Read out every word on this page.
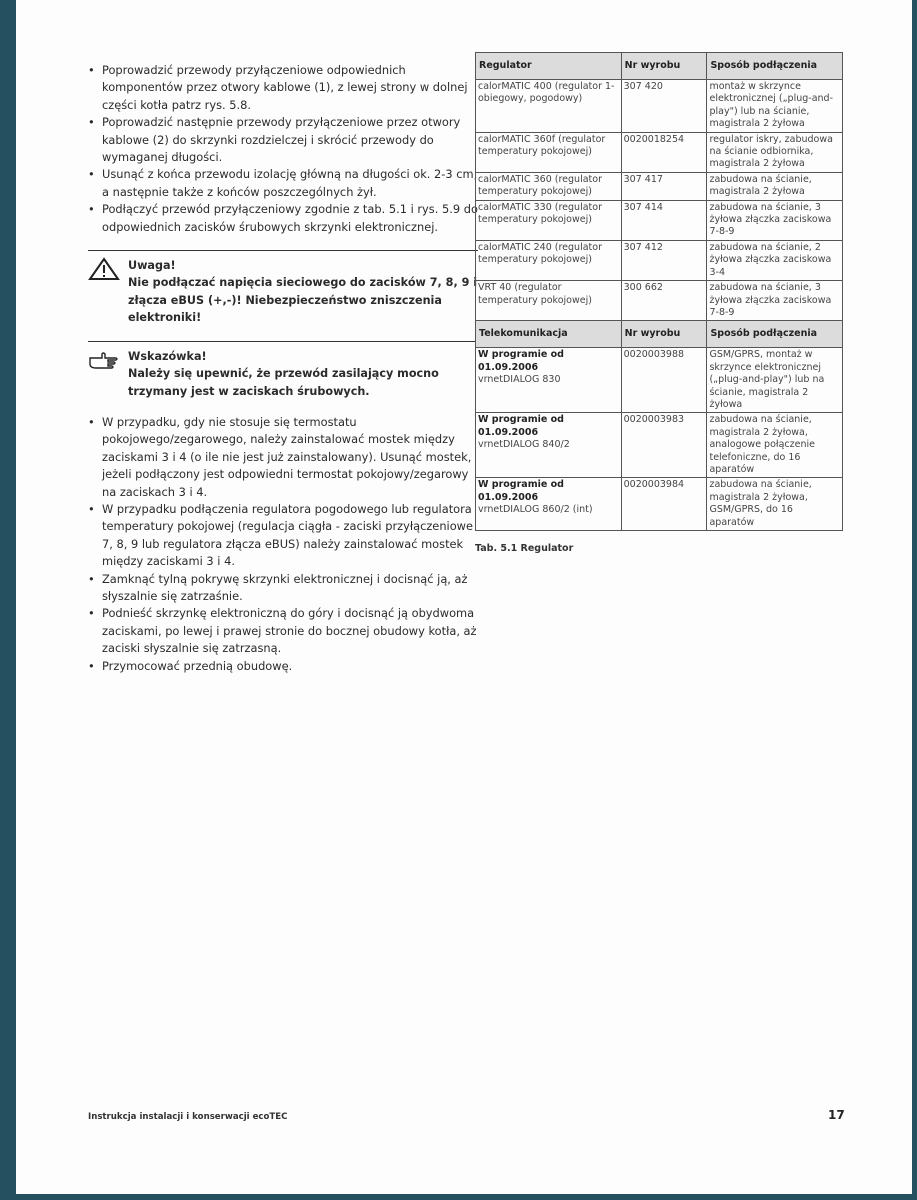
• Poprowadzić przewody przyłączeniowe odpowiednich komponentów przez otwory kablowe (1), z lewej strony w dolnej części kotła patrz rys. 5.8.
• Poprowadzić następnie przewody przyłączeniowe przez otwory kablowe (2) do skrzynki rozdzielczej i skrócić przewody do wymaganej długości.
• Usunąć z końca przewodu izolację główną na długości ok. 2-3 cm, a następnie także z końców poszczególnych żył.
• Podłączyć przewód przyłączeniowy zgodnie z tab. 5.1 i rys. 5.9 do odpowiednich zacisków śrubowych skrzynki elektronicznej.
Uwaga!
Nie podłączać napięcia sieciowego do zacisków 7, 8, 9 i złącza eBUS (+,-)! Niebezpieczeństwo zniszczenia elektroniki!
Wskazówka!
Należy się upewnić, że przewód zasilający mocno trzymany jest w zaciskach śrubowych.
• W przypadku, gdy nie stosuje się termostatu pokojowego/zegarowego, należy zainstalować mostek między zaciskami 3 i 4 (o ile nie jest już zainstalowany). Usunąć mostek, jeżeli podłączony jest odpowiedni termostat pokojowy/zegarowy na zaciskach 3 i 4.
• W przypadku podłączenia regulatora pogodowego lub regulatora temperatury pokojowej (regulacja ciągła - zaciski przyłączeniowe 7, 8, 9 lub regulatora złącza eBUS) należy zainstalować mostek między zaciskami 3 i 4.
• Zamknąć tylną pokrywę skrzynki elektronicznej i docisnąć ją, aż słyszalnie się zatrzaśnie.
• Podnieść skrzynkę elektroniczną do góry i docisnąć ją obydwoma zaciskami, po lewej i prawej stronie do bocznej obudowy kotła, aż zaciski słyszalnie się zatrzasną.
• Przymocować przednią obudowę.
Regulator	Nr wyrobu	Sposób podłączenia
calorMATIC 400 (regulator 1-obiegowy, pogodowy)	307 420	montaż w skrzynce elektronicznej („plug-and-play") lub na ścianie, magistrala 2 żyłowa
calorMATIC 360f (regulator temperatury pokojowej)	0020018254	regulator iskry, zabudowa na ścianie odbiornika, magistrala 2 żyłowa
calorMATIC 360 (regulator temperatury pokojowej)	307 417	zabudowa na ścianie, magistrala 2 żyłowa
calorMATIC 330 (regulator temperatury pokojowej)	307 414	zabudowa na ścianie, 3 żyłowa złączka zaciskowa 7-8-9
calorMATIC 240 (regulator temperatury pokojowej)	307 412	zabudowa na ścianie, 2 żyłowa złączka zaciskowa 3-4
VRT 40 (regulator temperatury pokojowej)	300 662	zabudowa na ścianie, 3 żyłowa złączka zaciskowa 7-8-9
Telekomunikacja	Nr wyrobu	Sposób podłączenia

W programie od 01.09.2006
vrnetDIALOG 830	0020003988	GSM/GPRS, montaż w skrzynce elektronicznej („plug-and-play") lub na ścianie, magistrala 2 żyłowa

W programie od 01.09.2006
vrnetDIALOG 840/2	0020003983	zabudowa na ścianie, magistrala 2 żyłowa, analogowe połączenie telefoniczne, do 16 aparatów

W programie od 01.09.2006
vrnetDIALOG 860/2 (int)	0020003984	zabudowa na ścianie, magistrala 2 żyłowa, GSM/GPRS, do 16 aparatów
Tab. 5.1 Regulator
Instrukcja instalacji i konserwacji ecoTEC	17
